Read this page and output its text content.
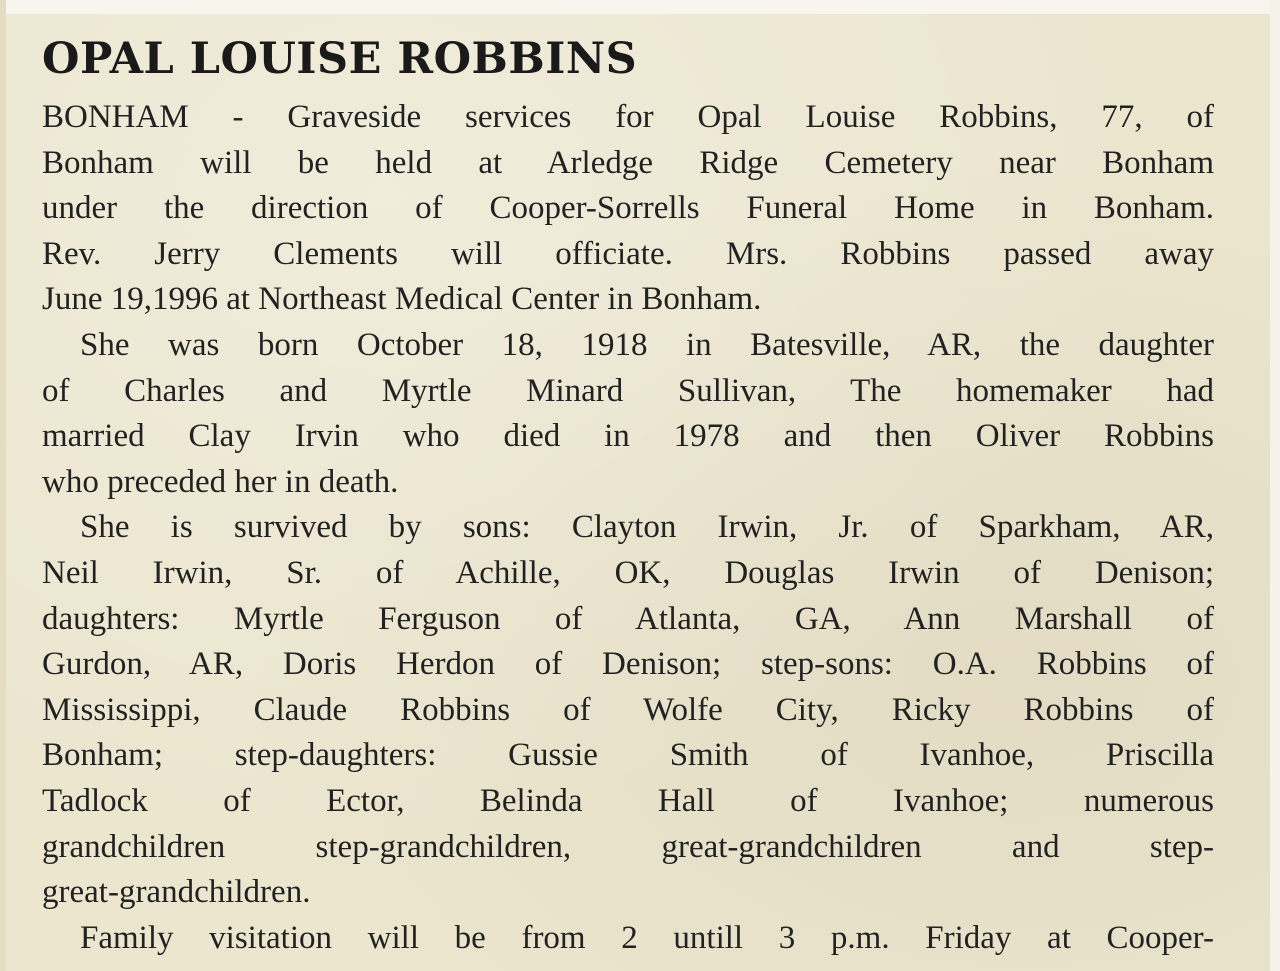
OPAL LOUISE ROBBINS
BONHAM - Graveside services for Opal Louise Robbins, 77, of
Bonham will be held at Arledge Ridge Cemetery near Bonham
under the direction of Cooper-Sorrells Funeral Home in Bonham.
Rev. Jerry Clements will officiate. Mrs. Robbins passed away
June 19,1996 at Northeast Medical Center in Bonham.
She was born October 18, 1918 in Batesville, AR, the daughter
of Charles and Myrtle Minard Sullivan, The homemaker had
married Clay Irvin who died in 1978 and then Oliver Robbins
who preceded her in death.
She is survived by sons: Clayton Irwin, Jr. of Sparkham, AR,
Neil Irwin, Sr. of Achille, OK, Douglas Irwin of Denison;
daughters: Myrtle Ferguson of Atlanta, GA, Ann Marshall of
Gurdon, AR, Doris Herdon of Denison; step-sons: O.A. Robbins of
Mississippi, Claude Robbins of Wolfe City, Ricky Robbins of
Bonham; step-daughters: Gussie Smith of Ivanhoe, Priscilla
Tadlock of Ector, Belinda Hall of Ivanhoe; numerous
grandchildren step-grandchildren, great-grandchildren and step-
great-grandchildren.
Family visitation will be from 2 untill 3 p.m. Friday at Cooper-
